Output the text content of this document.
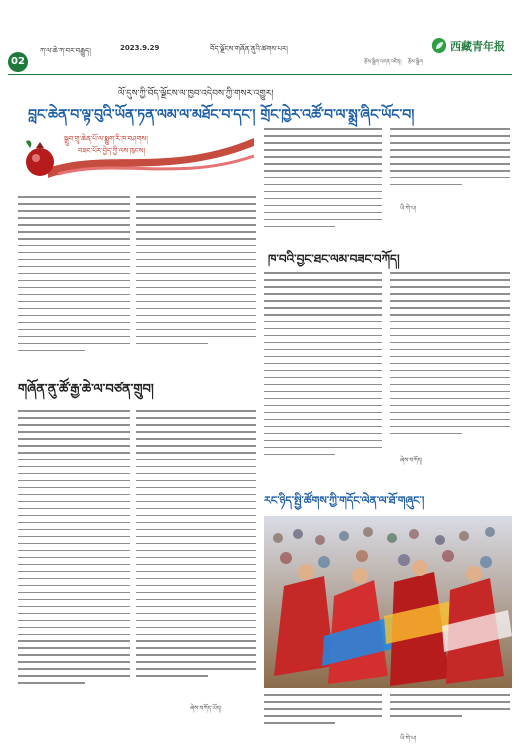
02
ཀ་ལ་ཆེ་ཀ་བར་བརྒྱུད།	2023.9.29	བོད་ལྗོངས་གཞོན་ནུའི་ཚགས་པར།	西藏青年报
རྩོམ་སྒྲིག་འགན་འཛིན། རྩོམ་སྒྲིག
ལོ་དུས་ཀྱི་བོད་ལྗོངས་ལ་ཁྱབ་འདེབས་ཀྱི་གསར་འགྱུར།
བླང་ཆེན་བ་ལྟ་བུའི་ཡོན་ཏན་ལམ་ལ་མཐོང་བ་དང་། གྲོང་ཁྱེར་འཚོ་བ་ལ་སྨྲ་ཞིང་ཡོང་བ།
སྒྲུབ་གྲྭ་ཆེན་པོ་ལ་སྨྱུག་རི་ཁ་བཤགས།
བཟང་པོར་བྱེད་ཀྱི་ལས་ཁུངས།
གཞོན་ནུ་ཚོ་རྒྱ་ཆེ་ལ་བཙན་གྲུབ།
ཞེས་བཀོད་ཡོད།
ཡི་གེ་པ།
ཁ་བའི་བྱང་ཐང་ལམ་བཟང་བཀོད།
ཞེས་བཀོད།
རང་ཉིད་སྤྱི་ཚོགས་ཀྱི་གདོང་ལེན་ལ་ཐོ་གཞུང་།
ཡི་གེ་པ།
